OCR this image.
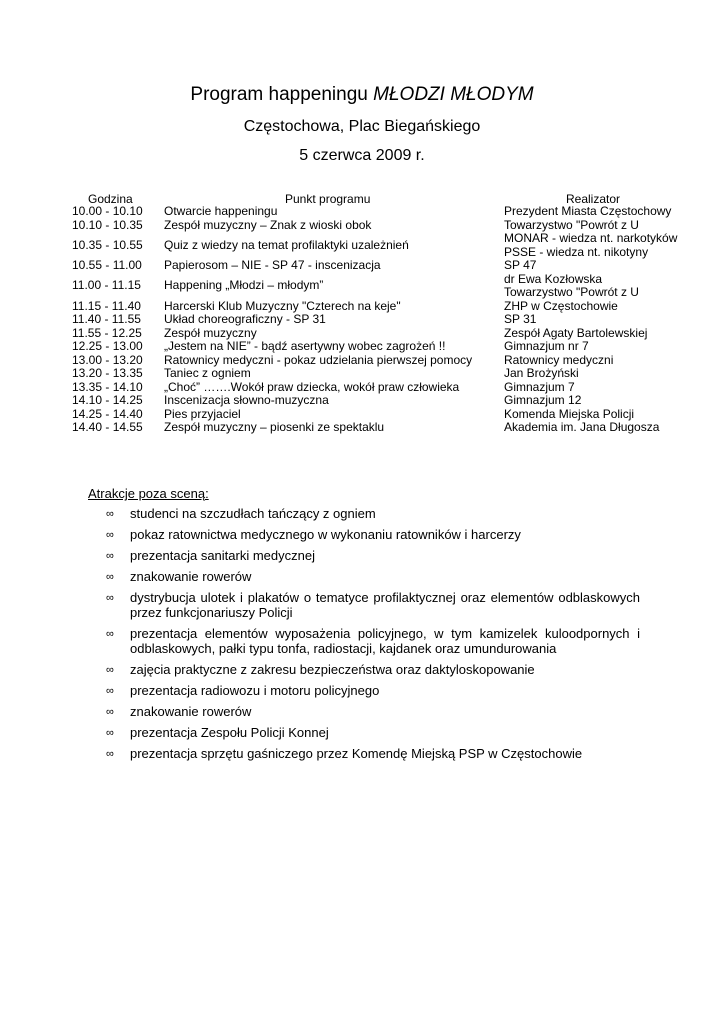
Program happeningu MŁODZI MŁODYM
Częstochowa, Plac Biegańskiego
5 czerwca 2009 r.
Godzina	Punkt programu	Realizator
10.00 - 10.10	Otwarcie happeningu	Prezydent Miasta Częstochowy
10.10 - 10.35	Zespół muzyczny – Znak z wioski obok	Towarzystwo "Powrót z U
10.35 - 10.55	Quiz z wiedzy na temat profilaktyki uzależnień	MONAR - wiedza nt. narkotyków
PSSE - wiedza nt. nikotyny
10.55 - 11.00	Papierosom – NIE - SP 47 - inscenizacja	SP 47
11.00 - 11.15	Happening „Młodzi – młodym”	dr Ewa Kozłowska
Towarzystwo "Powrót z U
11.15 - 11.40	Harcerski Klub Muzyczny "Czterech na keje"	ZHP w Częstochowie
11.40 - 11.55	Układ choreograficzny - SP 31	SP 31
11.55 - 12.25	Zespół muzyczny	Zespół Agaty Bartolewskiej
12.25 - 13.00	„Jestem na NIE” - bądź asertywny wobec zagrożeń !!	Gimnazjum nr 7
13.00 - 13.20	Ratownicy medyczni - pokaz udzielania pierwszej pomocy	Ratownicy medyczni
13.20 - 13.35	Taniec z ogniem	Jan Brożyński
13.35 - 14.10	„Choć” …….Wokół praw dziecka, wokół praw człowieka	Gimnazjum 7
14.10 - 14.25	Inscenizacja słowno-muzyczna	Gimnazjum 12
14.25 - 14.40	Pies przyjaciel	Komenda Miejska Policji
14.40 - 14.55	Zespół muzyczny – piosenki ze spektaklu	Akademia im. Jana Długosza
Atrakcje poza sceną:
∞ studenci na szczudłach tańczący z ogniem
∞ pokaz ratownictwa medycznego w wykonaniu ratowników i harcerzy
∞ prezentacja sanitarki medycznej
∞ znakowanie rowerów
∞ dystrybucja ulotek i plakatów o tematyce profilaktycznej oraz elementów odblaskowych przez funkcjonariuszy Policji
∞ prezentacja elementów wyposażenia policyjnego, w tym kamizelek kuloodpornych i odblaskowych, pałki typu tonfa, radiostacji, kajdanek oraz umundurowania
∞ zajęcia praktyczne z zakresu bezpieczeństwa oraz daktyloskopowanie
∞ prezentacja radiowozu i motoru policyjnego
∞ znakowanie rowerów
∞ prezentacja Zespołu Policji Konnej
∞ prezentacja sprzętu gaśniczego przez Komendę Miejską PSP w Częstochowie
